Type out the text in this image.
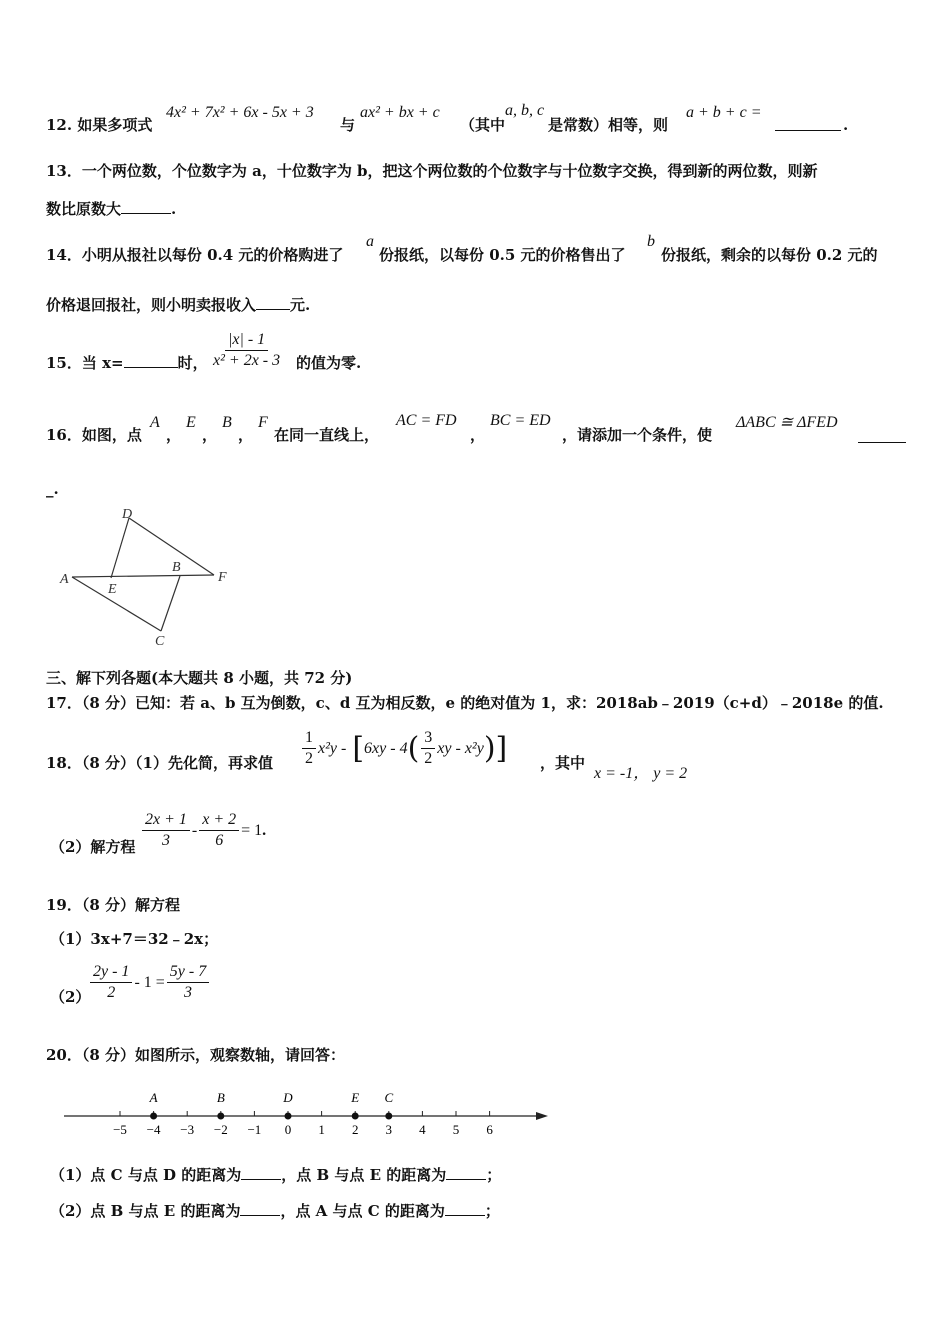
12. 如果多项式
4x² + 7x² + 6x - 5x + 3
与
ax² + bx + c
（其中
a, b, c
是常数）相等，则
a + b + c =
.
13．一个两位数，个位数字为 a，十位数字为 b，把这个两位数的个位数字与十位数字交换，得到新的两位数，则新
数比原数大	.
14．小明从报社以每份 0.4 元的价格购进了
a
份报纸，以每份 0.5 元的价格售出了
b
份报纸，剩余的以每份 0.2 元的
价格退回报社，则小明卖报收入 元.
15．当 x=	时， $\frac{|x| - 1}{\text{x² + 2x - 3}}$ 的值为零.
16．如图，点
A
，
E
，
B
，
F
在同一直线上，
AC = FD
，
BC = ED
，请添加一个条件，使
ΔABC ≅ ΔFED
_.
D
A
E
B
F
C
三、解下列各题(本大题共 8 小题，共 72 分)
17．（8 分）已知：若 a、b 互为倒数，c、d 互为相反数，e 的绝对值为 1，求：2018ab﹣2019（c+d）﹣2018e 的值.
18．（8 分）（1）先化简，再求值 $\frac{1}{2} x^2y$ - [ 6xy - 4 ( $\frac{3}{2}$ xy - x²y ) ] ，其中
x = -1， y = 2
（2）解方程 $\frac{2x + 1}{3} - \frac{x + 2}{6} = 1$ .
19．（8 分）解方程
（1）3x+7＝32﹣2x；
$(2) \frac{2y - 1}{2} - 1 = \frac{5y - 7}{3}$
20．（8 分）如图所示，观察数轴，请回答：
−5 −4 −3 −2 −1 0 1 2 3 4 5 6
A	B	D	E C
（1）点 C 与点 D 的距离为	，点 B 与点 E 的距离为	；
（2）点 B 与点 E 的距离为	，点 A 与点 C 的距离为	；
